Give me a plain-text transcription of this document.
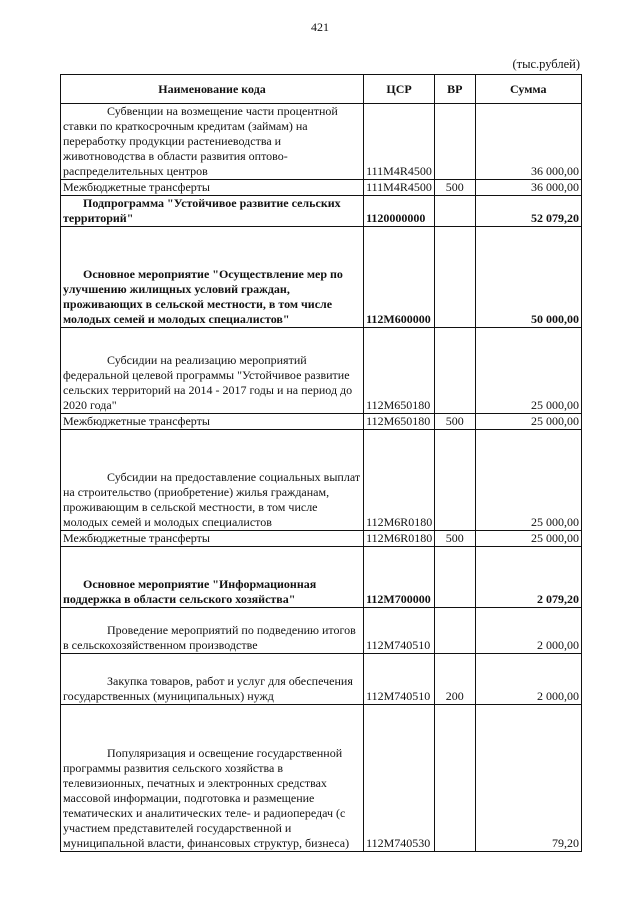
421
(тыс.рублей)
Наименование кода	ЦСР	ВР	Сумма
Субвенции на возмещение части процентной ставки по краткосрочным кредитам (займам) на переработку продукции растениеводства и животноводства в области развития оптово-распределительных центров	111M4R4500		36 000,00
Межбюджетные трансферты	111M4R4500	500	36 000,00
Подпрограмма "Устойчивое развитие сельских территорий"	1120000000		52 079,20
Основное мероприятие "Осуществление мер по улучшению жилищных условий граждан, проживающих в сельской местности, в том числе молодых семей и молодых специалистов"	112M600000		50 000,00
Субсидии на реализацию мероприятий федеральной целевой программы "Устойчивое развитие сельских территорий на 2014 - 2017 годы и на период до 2020 года"	112M650180		25 000,00
Межбюджетные трансферты	112M650180	500	25 000,00
Субсидии на предоставление социальных выплат на строительство (приобретение) жилья гражданам, проживающим в сельской местности, в том числе молодых семей и молодых специалистов	112M6R0180		25 000,00
Межбюджетные трансферты	112M6R0180	500	25 000,00
Основное мероприятие "Информационная поддержка в области сельского хозяйства"	112M700000		2 079,20
Проведение мероприятий по подведению итогов в сельскохозяйственном производстве	112M740510		2 000,00
Закупка товаров, работ и услуг для обеспечения государственных (муниципальных) нужд	112M740510	200	2 000,00
Популяризация и освещение государственной программы развития сельского хозяйства в телевизионных, печатных и электронных средствах массовой информации, подготовка и размещение тематических и аналитических теле- и радиопередач (с участием представителей государственной и муниципальной власти, финансовых структур, бизнеса)	112M740530		79,20
